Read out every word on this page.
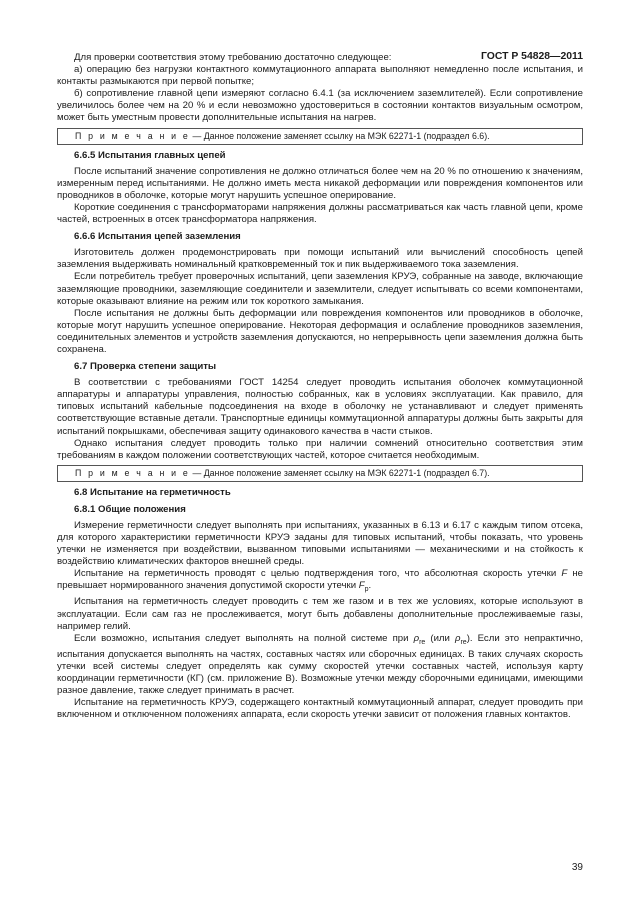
ГОСТ Р 54828—2011

Для проверки соответствия этому требованию достаточно следующее:

а) операцию без нагрузки контактного коммутационного аппарата выполняют немедленно после испытания, и контакты размыкаются при первой попытке;

б) сопротивление главной цепи измеряют согласно 6.4.1 (за исключением заземлителей). Если сопротивление увеличилось более чем на 20 % и если невозможно удостовериться в состоянии контактов визуальным осмотром, может быть уместным провести дополнительные испытания на нагрев.

П р и м е ч а н и е — Данное положение заменяет ссылку на МЭК 62271-1 (подраздел 6.6).
6.6.5 Испытания главных цепей

После испытаний значение сопротивления не должно отличаться более чем на 20 % по отношению к значениям, измеренным перед испытаниями. Не должно иметь места никакой деформации или повреждения компонентов или проводников в оболочке, которые могут нарушить успешное оперирование.

Короткие соединения с трансформаторами напряжения должны рассматриваться как часть главной цепи, кроме частей, встроенных в отсек трансформатора напряжения.

6.6.6 Испытания цепей заземления

Изготовитель должен продемонстрировать при помощи испытаний или вычислений способность цепей заземления выдерживать номинальный кратковременный ток и пик выдерживаемого тока заземления.

Если потребитель требует проверочных испытаний, цепи заземления КРУЭ, собранные на заводе, включающие заземляющие проводники, заземляющие соединители и заземлители, следует испытывать со всеми компонентами, которые оказывают влияние на режим или ток короткого замыкания.

После испытания не должны быть деформации или повреждения компонентов или проводников в оболочке, которые могут нарушить успешное оперирование. Некоторая деформация и ослабление проводников заземления, соединительных элементов и устройств заземления допускаются, но непрерывность цепи заземления должна быть сохранена.

6.7 Проверка степени защиты

В соответствии с требованиями ГОСТ 14254 следует проводить испытания оболочек коммутационной аппаратуры и аппаратуры управления, полностью собранных, как в условиях эксплуатации. Как правило, для типовых испытаний кабельные подсоединения на входе в оболочку не устанавливают и следует применять соответствующие вставные детали. Транспортные единицы коммутационной аппаратуры должны быть закрыты для испытаний покрышками, обеспечивая защиту одинакового качества в части стыков.

Однако испытания следует проводить только при наличии сомнений относительно соответствия этим требованиям в каждом положении соответствующих частей, которое считается необходимым.

П р и м е ч а н и е — Данное положение заменяет ссылку на МЭК 62271-1 (подраздел 6.7).
6.8 Испытание на герметичность
6.8.1 Общие положения

Измерение герметичности следует выполнять при испытаниях, указанных в 6.13 и 6.17 с каждым типом отсека, для которого характеристики герметичности КРУЭ заданы для типовых испытаний, чтобы показать, что уровень утечки не изменяется при воздействии, вызванном типовыми испытаниями — механическими и на стойкость к воздействию климатических факторов внешней среды.

Испытание на герметичность проводят с целью подтверждения того, что абсолютная скорость утечки F не превышает нормированного значения допустимой скорости утечки $F_p$.

Испытания на герметичность следует проводить с тем же газом и в тех же условиях, которые используют в эксплуатации. Если сам газ не прослеживается, могут быть добавлены дополнительные прослеживаемые газы, например гелий.

Если возможно, испытания следует выполнять на полной системе при $\rho_{re}$ (или $\rho_{re}$). Если это непрактично, испытания допускается выполнять на частях, составных частях или сборочных единицах. В таких случаях скорость утечки всей системы следует определять как сумму скоростей утечки составных частей, используя карту координации герметичности (КГ) (см. приложение В). Возможные утечки между сборочными единицами, имеющими разное давление, также следует принимать в расчет.

Испытание на герметичность КРУЭ, содержащего контактный коммутационный аппарат, следует проводить при включенном и отключенном положениях аппарата, если скорость утечки зависит от положения главных контактов.

39
